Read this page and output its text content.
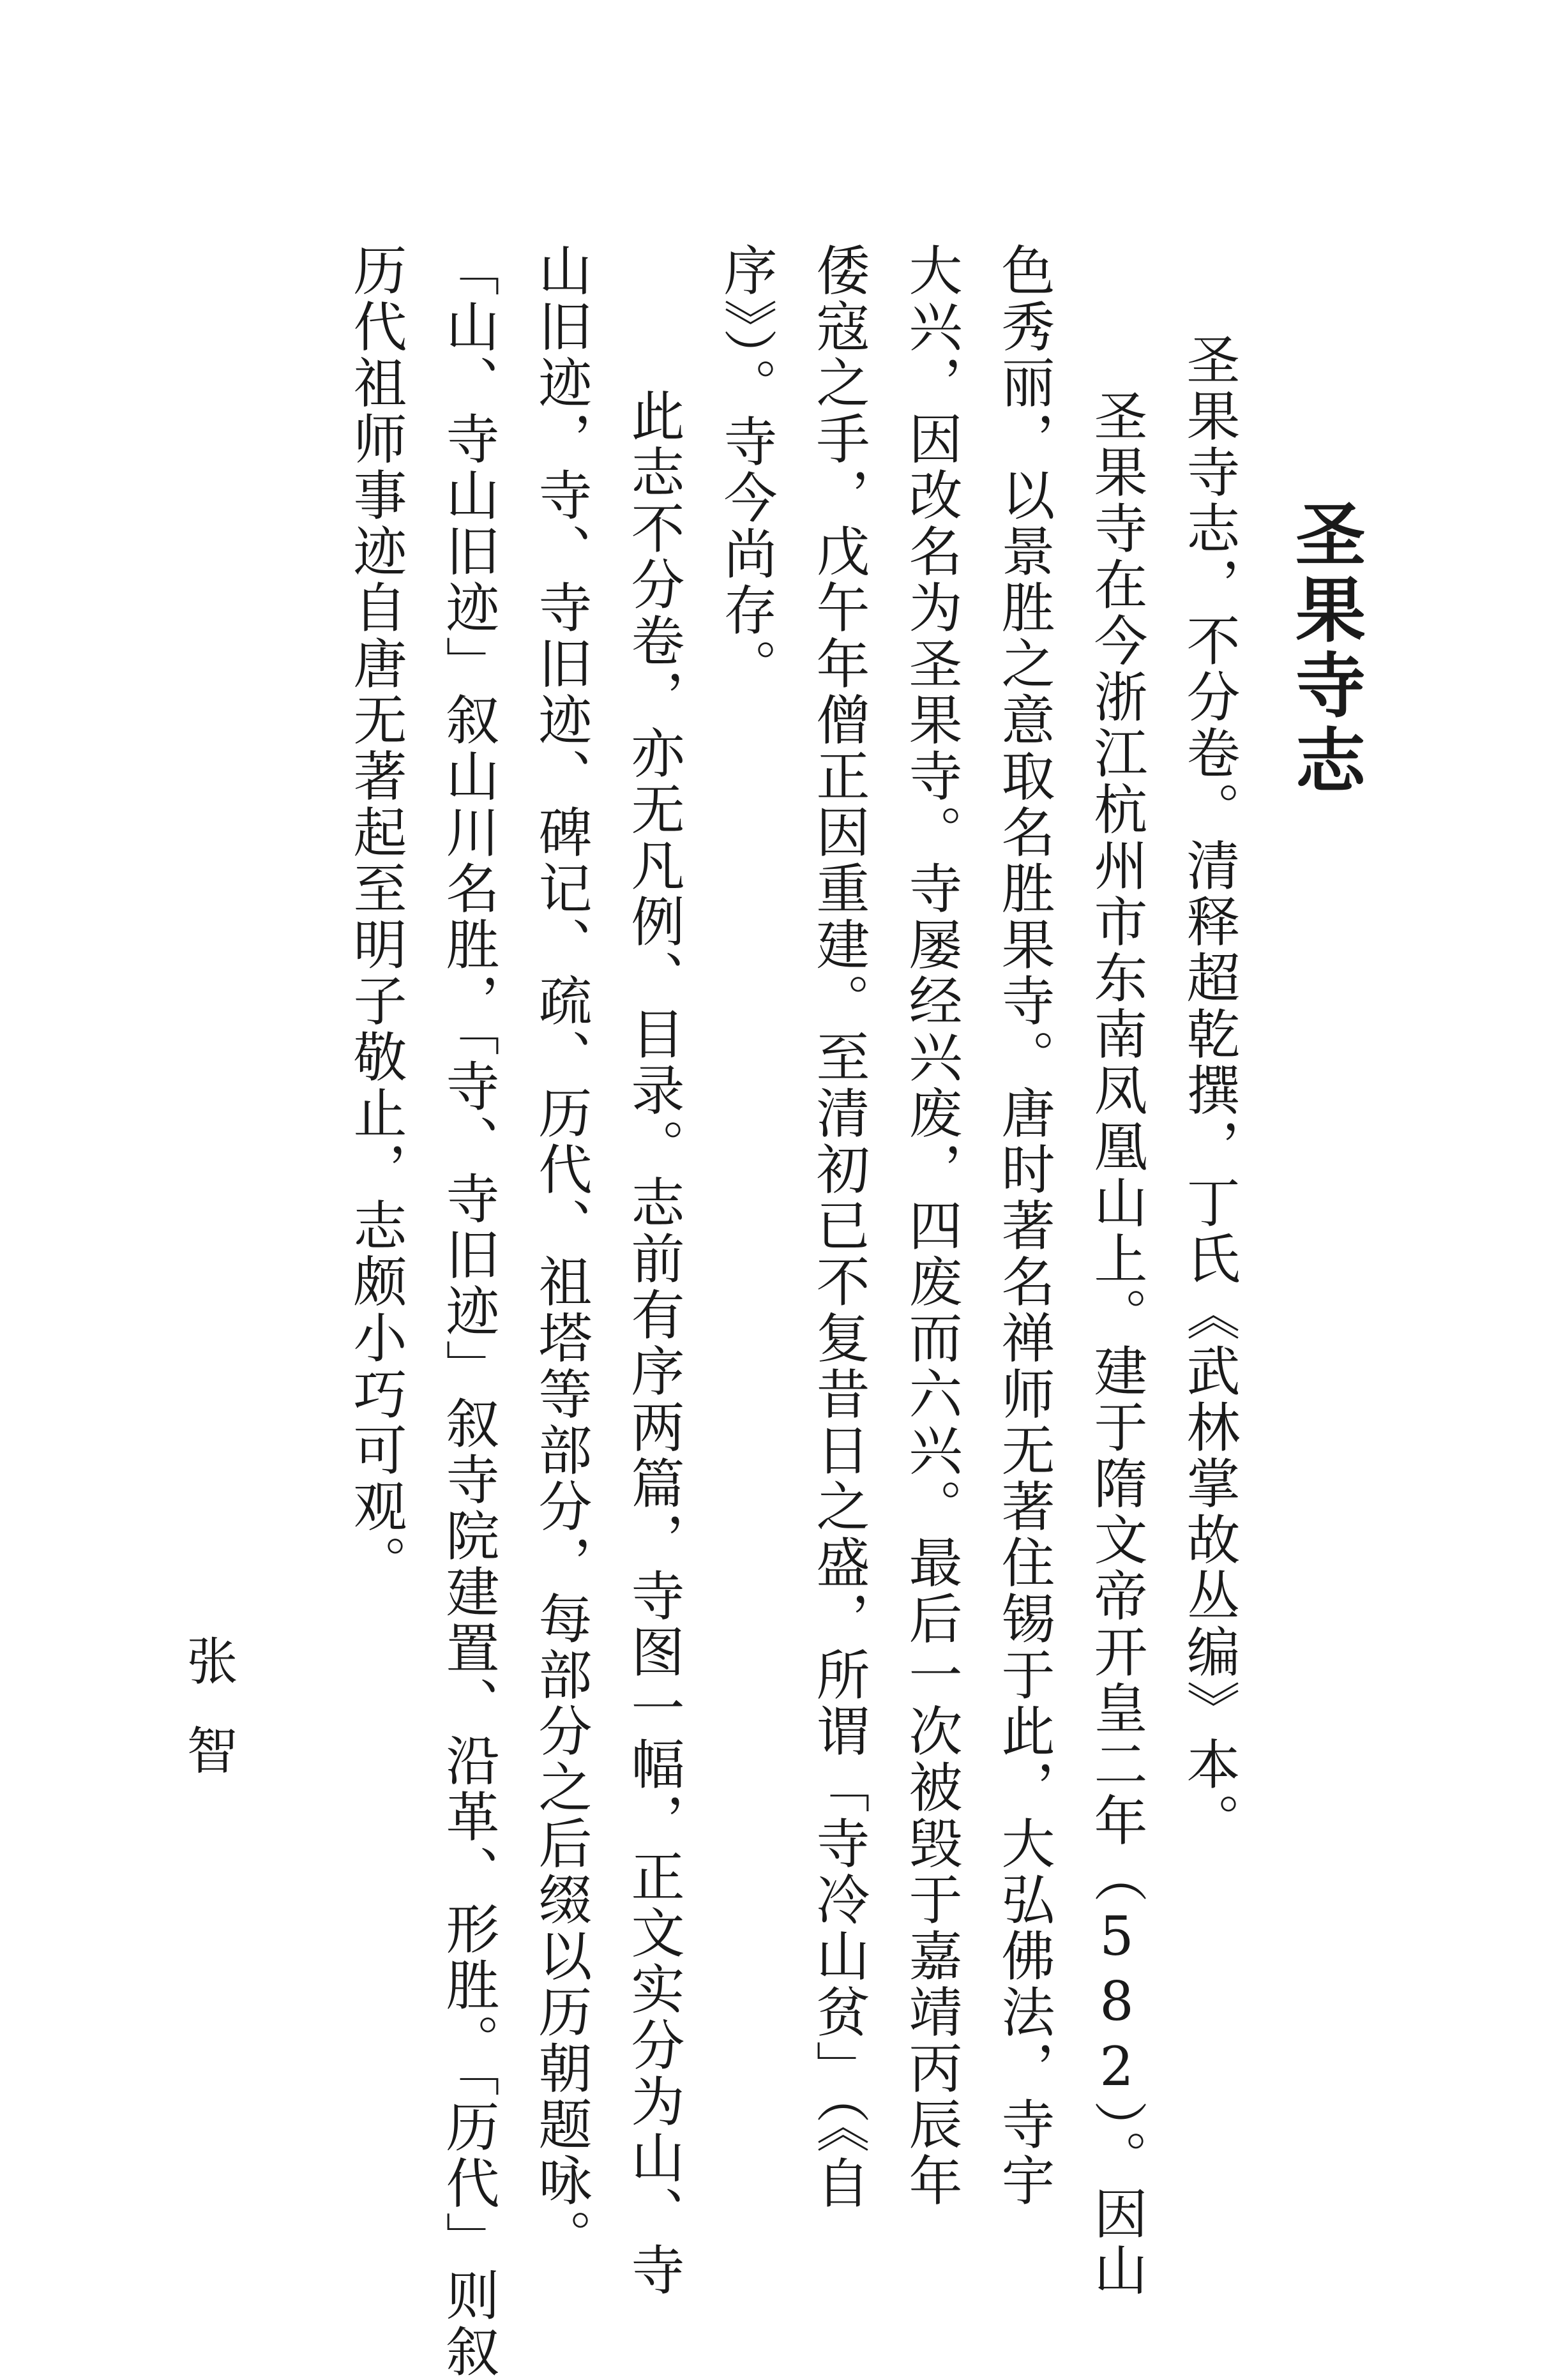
圣果寺志
圣果寺志，不分卷。清释超乾撰，丁氏《武林掌故丛编》本。
　圣果寺在今浙江杭州市东南凤凰山上。建于隋文帝开皇二年（582）。因山
色秀丽，以景胜之意取名胜果寺。唐时著名禅师无著住锡于此，大弘佛法，寺宇
大兴，因改名为圣果寺。寺屡经兴废，四废而六兴。最后一次被毁于嘉靖丙辰年
倭寇之手，戊午年僧正因重建。至清初已不复昔日之盛，所谓「寺冷山贫」（《自
序》）。寺今尚存。
　此志不分卷，亦无凡例、目录。志前有序两篇，寺图一幅，正文实分为山、寺
山旧迹，寺、寺旧迹、碑记、疏、历代、祖塔等部分，每部分之后缀以历朝题咏。
「山、寺山旧迹」叙山川名胜，「寺、寺旧迹」叙寺院建置、沿革、形胜。「历代」则叙
历代祖师事迹自唐无著起至明子敬止，志颇小巧可观。
张智
